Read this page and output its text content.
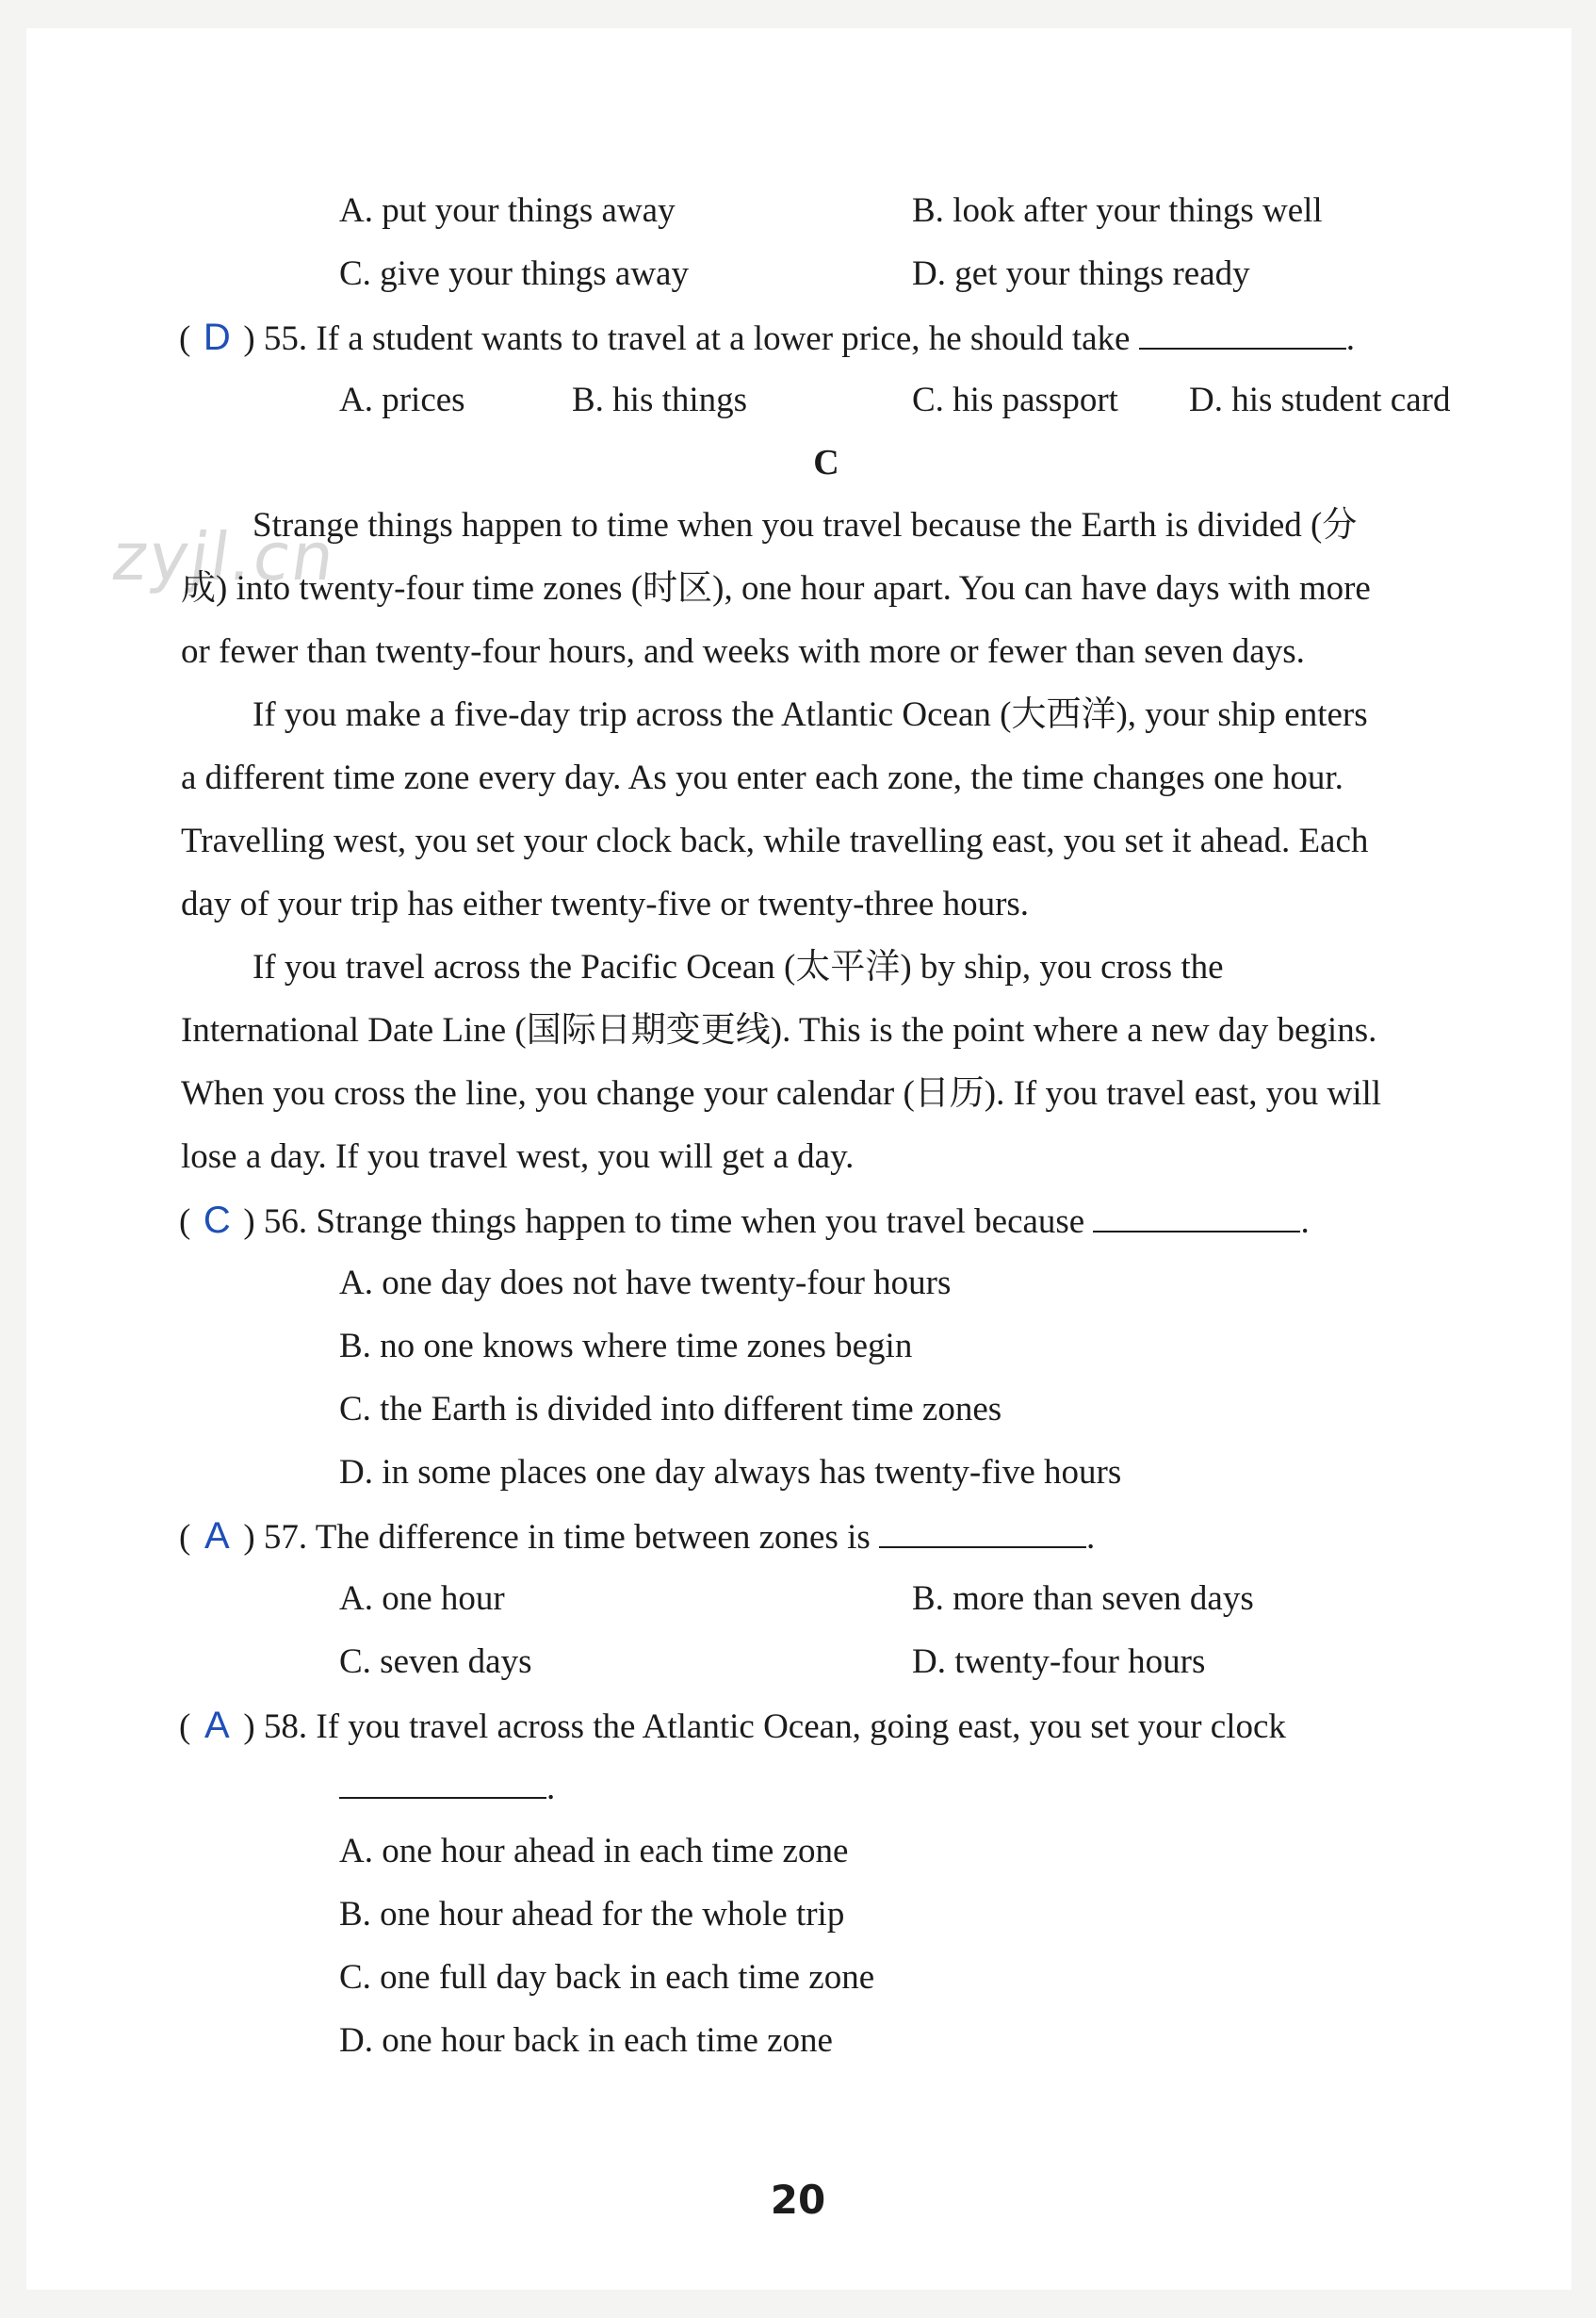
zyjl.cn
A. put your things away	B. look after your things well
C. give your things away	D. get your things ready
( D ) 55. If a student wants to travel at a lower price, he should take	.
A. prices	B. his things	C. his passport D. his student card
C
Strange things happen to time when you travel because the Earth is divided (分
成) into twenty-four time zones (时区), one hour apart. You can have days with more
or fewer than twenty-four hours, and weeks with more or fewer than seven days.
If you make a five-day trip across the Atlantic Ocean (大西洋), your ship enters
a different time zone every day. As you enter each zone, the time changes one hour.
Travelling west, you set your clock back, while travelling east, you set it ahead. Each
day of your trip has either twenty-five or twenty-three hours.
If you travel across the Pacific Ocean (太平洋) by ship, you cross the
International Date Line (国际日期变更线). This is the point where a new day begins.
When you cross the line, you change your calendar (日历). If you travel east, you will
lose a day. If you travel west, you will get a day.
( C ) 56. Strange things happen to time when you travel because	.
A. one day does not have twenty-four hours
B. no one knows where time zones begin
C. the Earth is divided into different time zones
D. in some places one day always has twenty-five hours
( A ) 57. The difference in time between zones is	.
A. one hour	B. more than seven days
C. seven days	D. twenty-four hours
( A ) 58. If you travel across the Atlantic Ocean, going east, you set your clock
.
A. one hour ahead in each time zone
B. one hour ahead for the whole trip
C. one full day back in each time zone
D. one hour back in each time zone
20
